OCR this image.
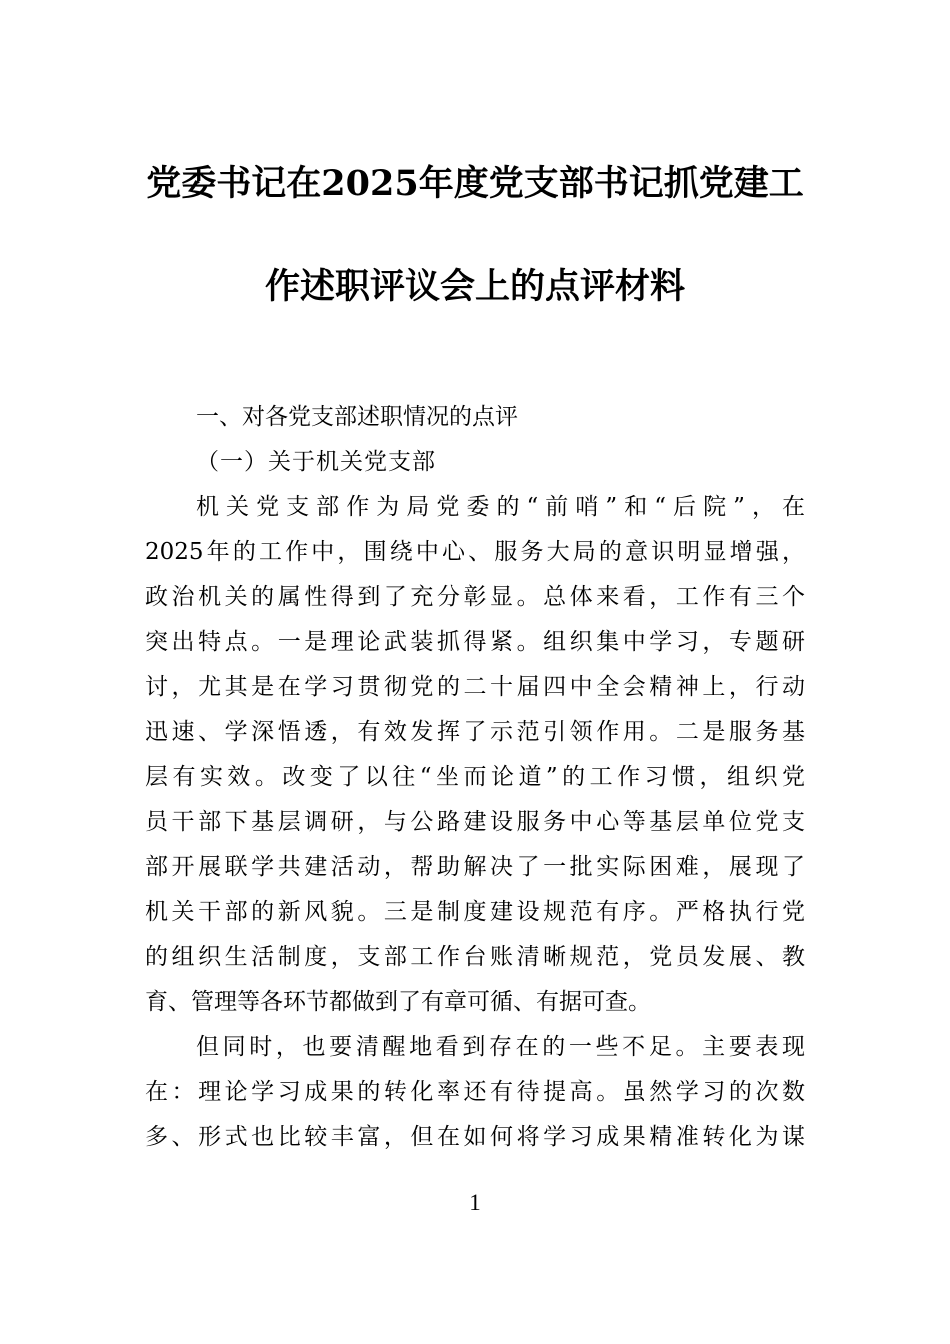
党委书记在2025年度党支部书记抓党建工
作述职评议会上的点评材料
一、对各党支部述职情况的点评
（一）关于机关党支部
机关党支部作为局党委的“前哨”和“后院”，在
2025年的工作中，围绕中心、服务大局的意识明显增强，
政治机关的属性得到了充分彰显。总体来看，工作有三个
突出特点。一是理论武装抓得紧。组织集中学习，专题研
讨，尤其是在学习贯彻党的二十届四中全会精神上，行动
迅速、学深悟透，有效发挥了示范引领作用。二是服务基
层有实效。改变了以往“坐而论道”的工作习惯，组织党
员干部下基层调研，与公路建设服务中心等基层单位党支
部开展联学共建活动，帮助解决了一批实际困难，展现了
机关干部的新风貌。三是制度建设规范有序。严格执行党
的组织生活制度，支部工作台账清晰规范，党员发展、教
育、管理等各环节都做到了有章可循、有据可查。
但同时，也要清醒地看到存在的一些不足。主要表现
在：理论学习成果的转化率还有待提高。虽然学习的次数
多、形式也比较丰富，但在如何将学习成果精准转化为谋
1
